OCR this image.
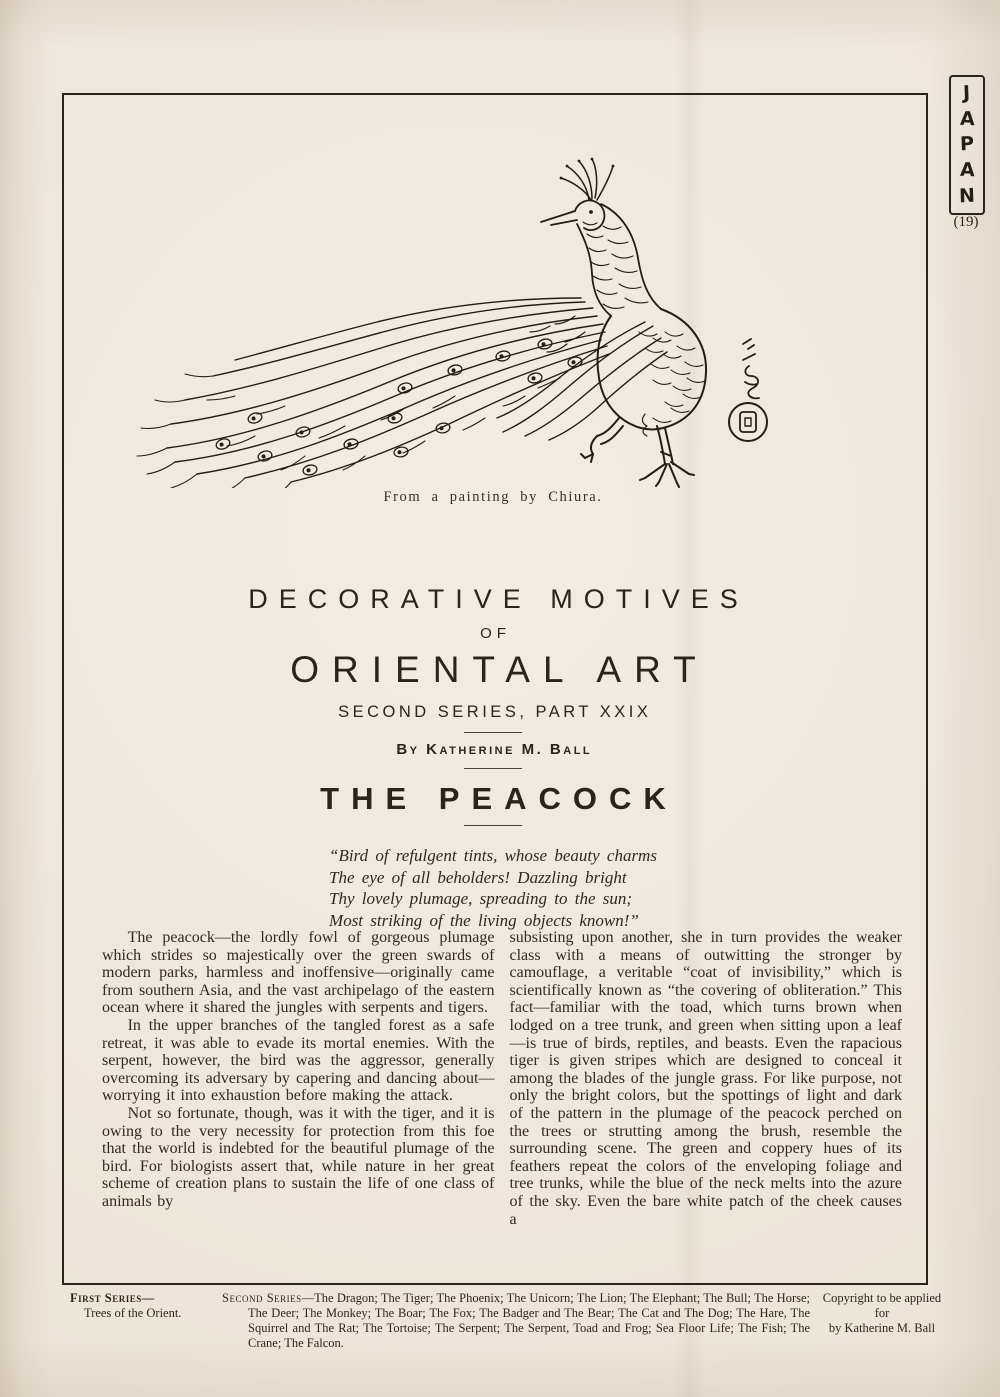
J
A
P
A
N
(19)
From a painting by Chiura.
DECORATIVE MOTIVES
OF
ORIENTAL ART
SECOND SERIES, PART XXIX
By Katherine M. Ball
THE PEACOCK
“Bird of refulgent tints, whose beauty charms
The eye of all beholders! Dazzling bright
Thy lovely plumage, spreading to the sun;
Most striking of the living objects known!”

The peacock—the lordly fowl of gorgeous plumage which strides so majestically over the green swards of modern parks, harmless and inoffensive—originally came from southern Asia, and the vast archipelago of the eastern ocean where it shared the jungles with serpents and tigers.

In the upper branches of the tangled forest as a safe retreat, it was able to evade its mortal enemies. With the serpent, however, the bird was the aggressor, generally overcoming its adversary by capering and dancing about—worrying it into exhaustion before making the attack.

Not so fortunate, though, was it with the tiger, and it is owing to the very necessity for protection from this foe that the world is indebted for the beautiful plumage of the bird. For biologists assert that, while nature in her great scheme of creation plans to sustain the life of one class of animals by

subsisting upon another, she in turn provides the weaker class with a means of outwitting the stronger by camouflage, a veritable “coat of invisibility,” which is scientifically known as “the covering of obliteration.” This fact—familiar with the toad, which turns brown when lodged on a tree trunk, and green when sitting upon a leaf—is true of birds, reptiles, and beasts. Even the rapacious tiger is given stripes which are designed to conceal it among the blades of the jungle grass. For like purpose, not only the bright colors, but the spottings of light and dark of the pattern in the plumage of the peacock perched on the trees or strutting among the brush, resemble the surrounding scene. The green and coppery hues of its feathers repeat the colors of the enveloping foliage and tree trunks, while the blue of the neck melts into the azure of the sky. Even the bare white patch of the cheek causes a

First Series—
Trees of the Orient.
Second Series—The Dragon; The Tiger; The Phoenix; The Unicorn; The Lion; The Elephant; The Bull; The Horse; The Deer; The Monkey; The Boar; The Fox; The Badger and The Bear; The Cat and The Dog; The Hare, The Squirrel and The Rat; The Tortoise; The Serpent; The Serpent, Toad and Frog; Sea Floor Life; The Fish; The Crane; The Falcon.
Copyright to be applied for
by Katherine M. Ball
